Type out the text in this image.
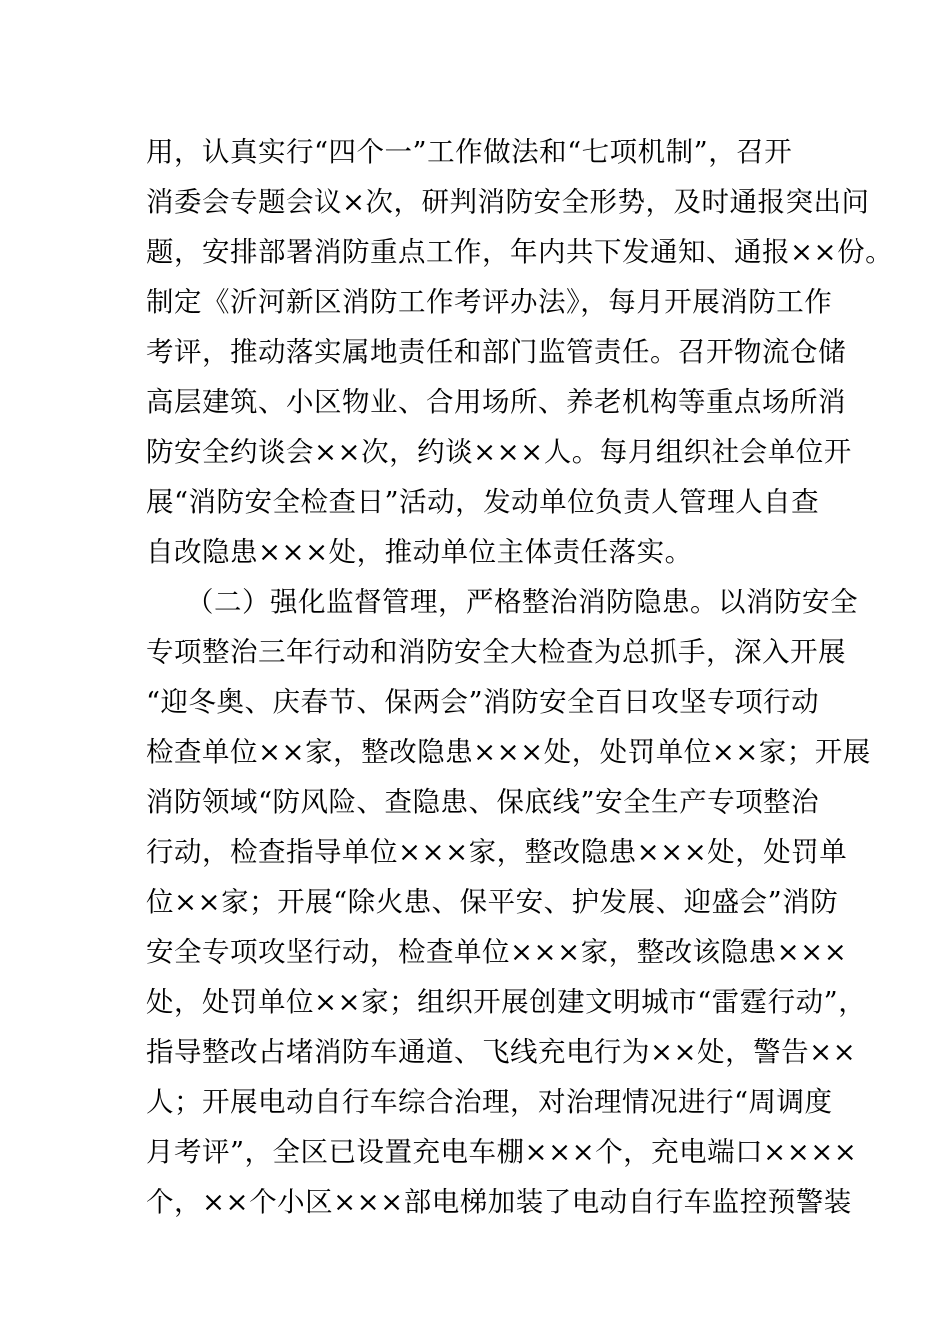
用，认真实行“四个一”工作做法和“七项机制”，召开
消委会专题会议×次，研判消防安全形势，及时通报突出问
题，安排部署消防重点工作，年内共下发通知、通报××份。
制定《沂河新区消防工作考评办法》，每月开展消防工作
考评，推动落实属地责任和部门监管责任。召开物流仓储
高层建筑、小区物业、合用场所、养老机构等重点场所消
防安全约谈会××次，约谈×××人。每月组织社会单位开
展“消防安全检查日”活动，发动单位负责人管理人自查
自改隐患×××处，推动单位主体责任落实。
（二）强化监督管理，严格整治消防隐患。以消防安全
专项整治三年行动和消防安全大检查为总抓手，深入开展
“迎冬奥、庆春节、保两会”消防安全百日攻坚专项行动
检查单位××家，整改隐患×××处，处罚单位××家；开展
消防领域“防风险、查隐患、保底线”安全生产专项整治
行动，检查指导单位×××家，整改隐患×××处，处罚单
位××家；开展“除火患、保平安、护发展、迎盛会”消防
安全专项攻坚行动，检查单位×××家，整改该隐患×××
处，处罚单位××家；组织开展创建文明城市“雷霆行动”，
指导整改占堵消防车通道、飞线充电行为××处，警告××
人；开展电动自行车综合治理，对治理情况进行“周调度
月考评”，全区已设置充电车棚×××个，充电端口××××
个，××个小区×××部电梯加装了电动自行车监控预警装
